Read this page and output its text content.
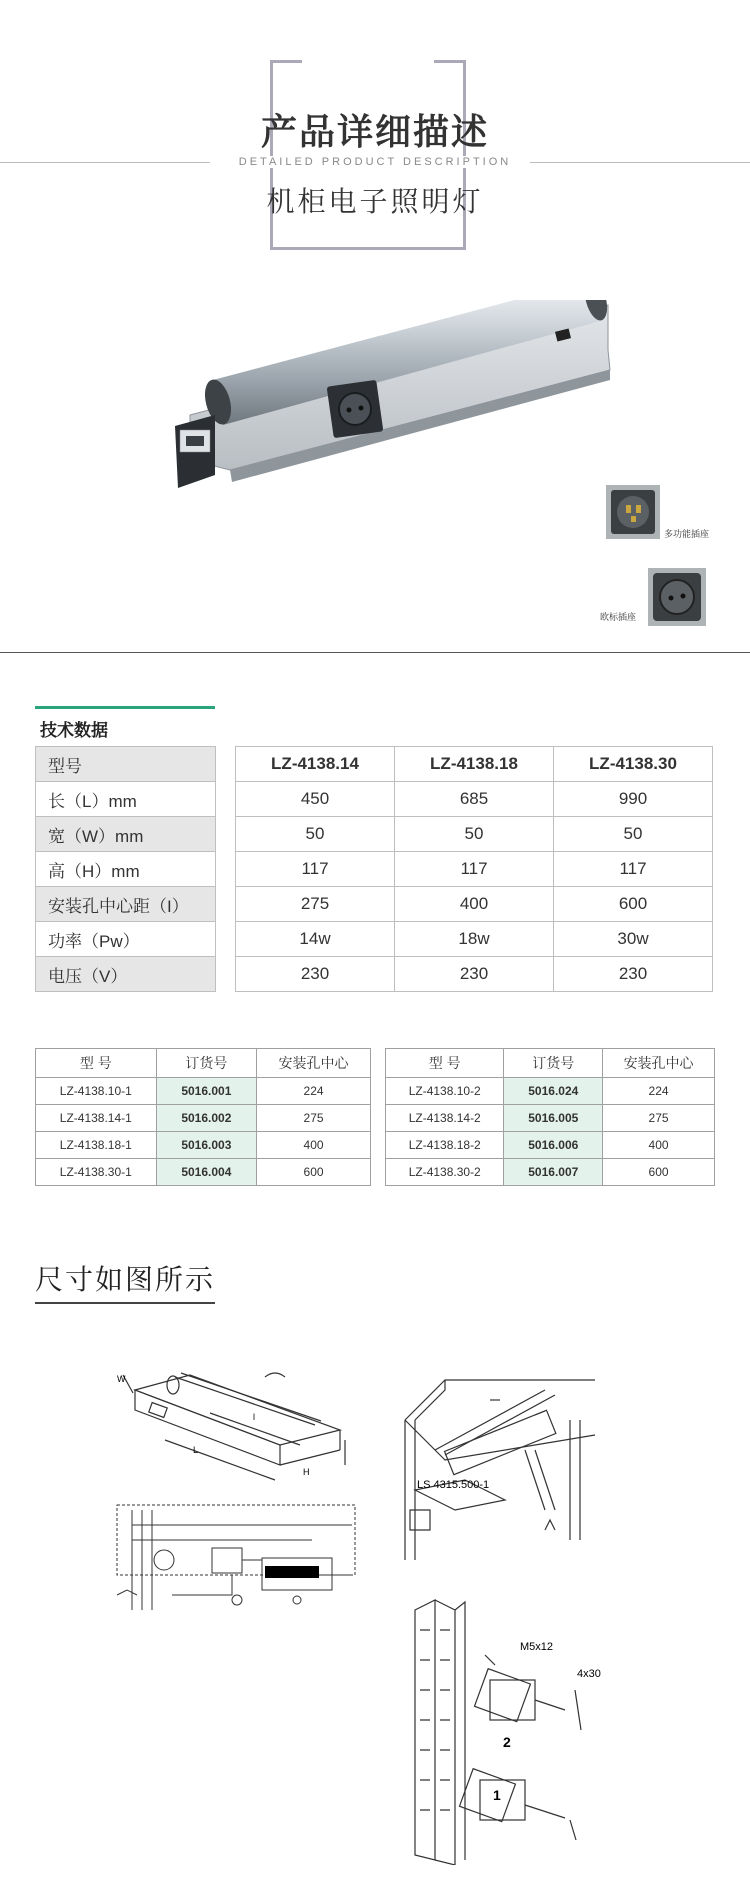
产品详细描述
DETAILED PRODUCT DESCRIPTION
机柜电子照明灯
多功能插座
欧标插座
技术数据
型号		LZ-4138.14	LZ-4138.18	LZ-4138.30
长（L）mm		450	685	990
宽（W）mm		50	50	50
高（H）mm		117	117	117
安装孔中心距（I）		275	400	600
功率（Pw）		14w	18w	30w
电压（V）		230	230	230
型 号	订货号	安装孔中心
LZ-4138.10-1	5016.001	224
LZ-4138.14-1	5016.002	275
LZ-4138.18-1	5016.003	400
LZ-4138.30-1	5016.004	600
型 号	订货号	安装孔中心
LZ-4138.10-2	5016.024	224
LZ-4138.14-2	5016.005	275
LZ-4138.18-2	5016.006	400
LZ-4138.30-2	5016.007	600
尺寸如图所示
W
l
L
H
LS 4315.500-1
M5x12
4x30
2
1
